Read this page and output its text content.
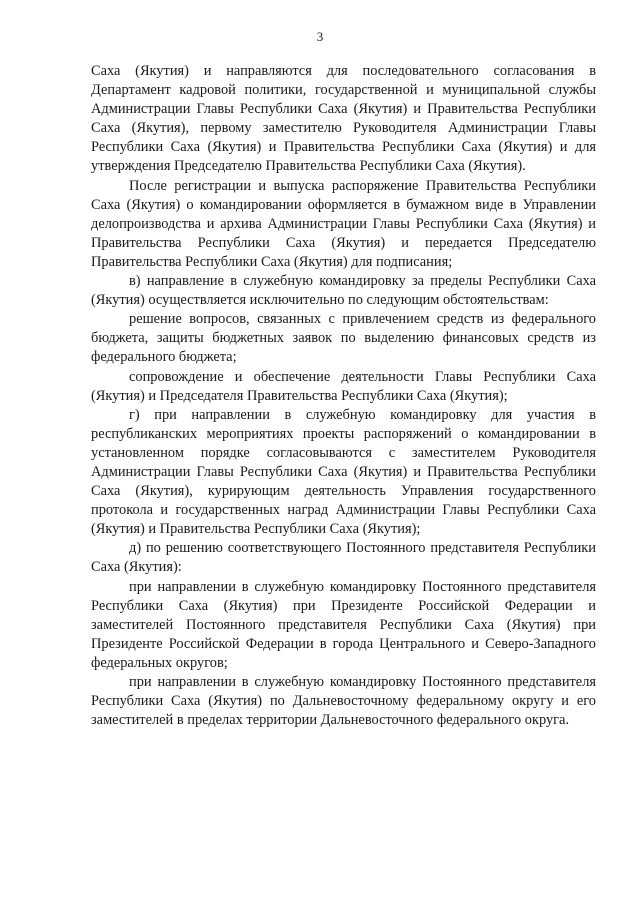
3

Саха (Якутия) и направляются для последовательного согласования в Департамент кадровой политики, государственной и муниципальной службы Администрации Главы Республики Саха (Якутия) и Правительства Республики Саха (Якутия), первому заместителю Руководителя Администрации Главы Республики Саха (Якутия) и Правительства Республики Саха (Якутия) и для утверждения Председателю Правительства Республики Саха (Якутия).

После регистрации и выпуска распоряжение Правительства Республики Саха (Якутия) о командировании оформляется в бумажном виде в Управлении делопроизводства и архива Администрации Главы Республики Саха (Якутия) и Правительства Республики Саха (Якутия) и передается Председателю Правительства Республики Саха (Якутия) для подписания;

в) направление в служебную командировку за пределы Республики Саха (Якутия) осуществляется исключительно по следующим обстоятельствам:

решение вопросов, связанных с привлечением средств из федерального бюджета, защиты бюджетных заявок по выделению финансовых средств из федерального бюджета;

сопровождение и обеспечение деятельности Главы Республики Саха (Якутия) и Председателя Правительства Республики Саха (Якутия);

г) при направлении в служебную командировку для участия в республиканских мероприятиях проекты распоряжений о командировании в установленном порядке согласовываются с заместителем Руководителя Администрации Главы Республики Саха (Якутия) и Правительства Республики Саха (Якутия), курирующим деятельность Управления государственного протокола и государственных наград Администрации Главы Республики Саха (Якутия) и Правительства Республики Саха (Якутия);

д) по решению соответствующего Постоянного представителя Республики Саха (Якутия):

при направлении в служебную командировку Постоянного представителя Республики Саха (Якутия) при Президенте Российской Федерации и заместителей Постоянного представителя Республики Саха (Якутия) при Президенте Российской Федерации в города Центрального и Северо-Западного федеральных округов;

при направлении в служебную командировку Постоянного представителя Республики Саха (Якутия) по Дальневосточному федеральному округу и его заместителей в пределах территории Дальневосточного федерального округа.
